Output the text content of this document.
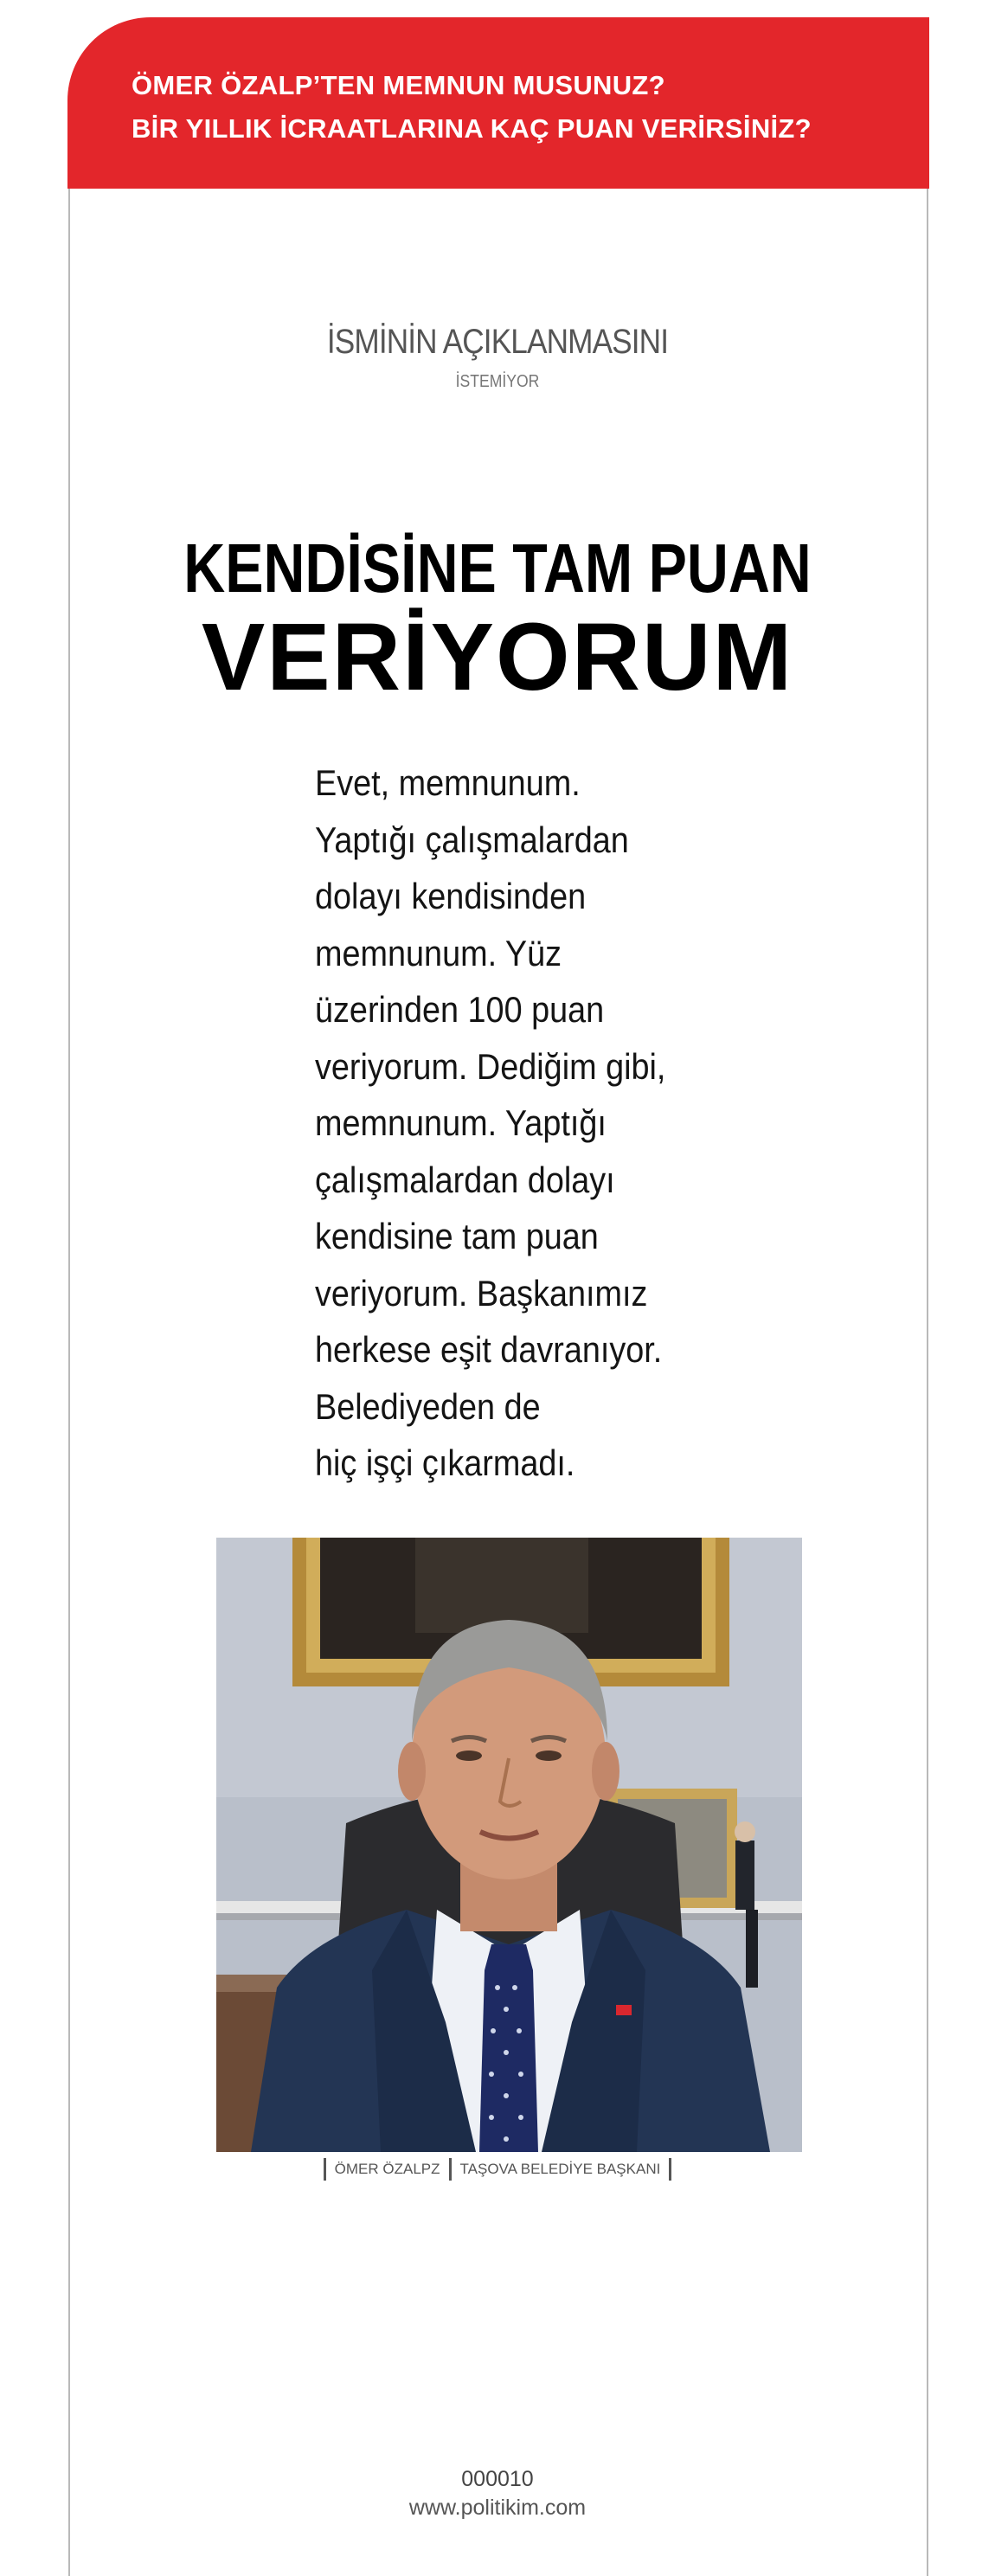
ÖMER ÖZALP’TEN MEMNUN MUSUNUZ?
BİR YILLIK İCRAATLARINA KAÇ PUAN VERİRSİNİZ?
İSMİNİN AÇIKLANMASINI
İSTEMİYOR
KENDİSİNE TAM PUAN
VERİYORUM
Evet, memnunum.
Yaptığı çalışmalardan
dolayı kendisinden
memnunum. Yüz
üzerinden 100 puan
veriyorum. Dediğim gibi,
memnunum. Yaptığı
çalışmalardan dolayı
kendisine tam puan
veriyorum. Başkanımız
herkese eşit davranıyor.
Belediyeden de
hiç işçi çıkarmadı.
ÖMER ÖZALPZ TAŞOVA BELEDİYE BAŞKANI
000010
www.politikim.com
